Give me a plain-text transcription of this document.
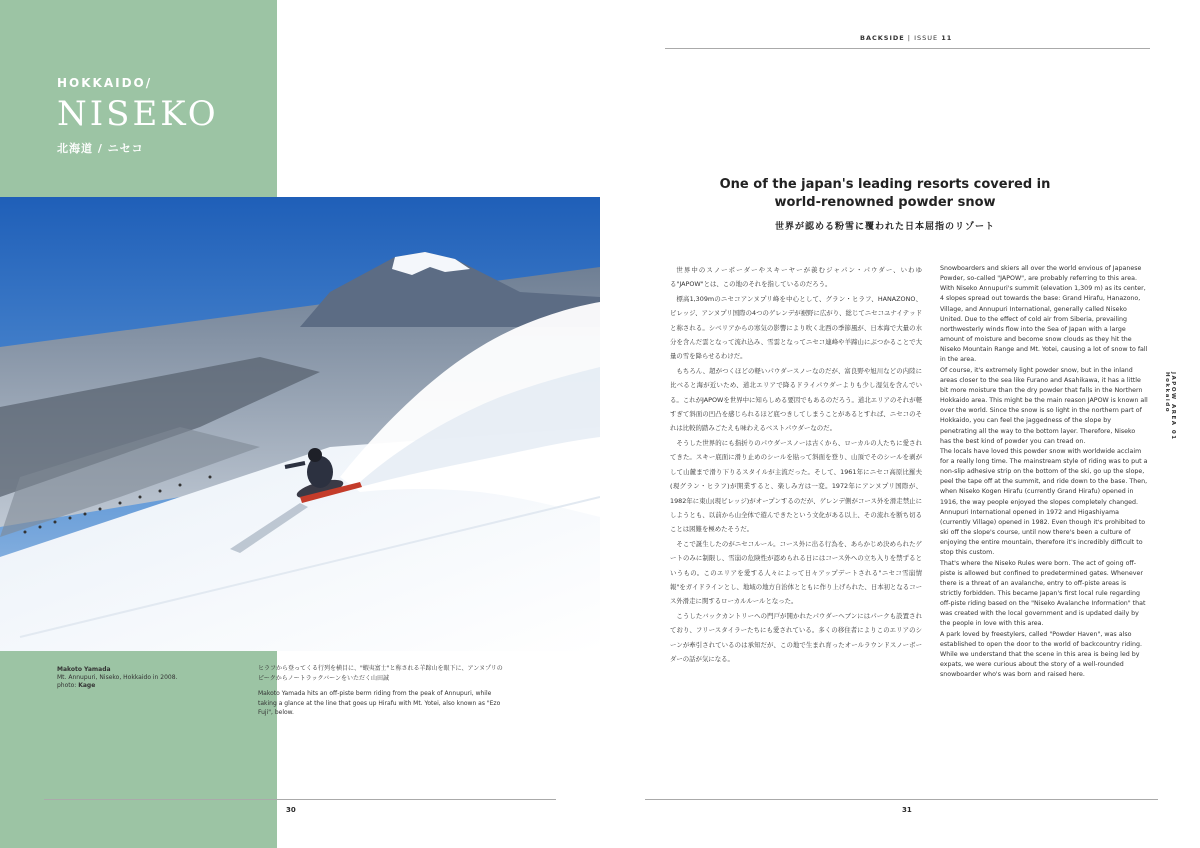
HOKKAIDO/
NISEKO
北海道 / ニセコ
Makoto Yamada
Mt. Annupuri, Niseko, Hokkaido in 2008.
photo: Kage

ヒラフから登ってくる行列を横目に、"蝦夷富士"と称される羊蹄山を眼下に、アンヌプリのピークからノートラックバーンをいただく山田誠

Makoto Yamada hits an off-piste berm riding from the peak of Annupuri, while taking a glance at the line that goes up Hirafu with Mt. Yotei, also known as "Ezo Fuji", below.

30
BACKSIDE | ISSUE 11
One of the japan's leading resorts covered in
world-renowned powder snow
世界が認める粉雪に覆われた日本屈指のリゾート

世界中のスノーボーダーやスキーヤーが羨むジャパン・パウダー、いわゆる"JAPOW"とは、この地のそれを指しているのだろう。

標高1,309mのニセコアンヌプリ峰を中心として、グラン・ヒラフ、HANAZONO、ビレッジ、アンヌプリ国際の4つのゲレンデが裾野に広がり、総じてニセコユナイテッドと称される。シベリアからの寒気の影響により吹く北西の季節風が、日本海で大量の水分を含んだ雲となって流れ込み、雪雲となってニセコ連峰や羊蹄山にぶつかることで大量の雪を降らせるわけだ。

もちろん、超がつくほどの軽いパウダースノーなのだが、富良野や旭川などの内陸に比べると海が近いため、道北エリアで降るドライパウダーよりも少し湿気を含んでいる。これがJAPOWを世界中に知らしめる要因でもあるのだろう。道北エリアのそれが軽すぎて斜面の凹凸を感じられるほど底つきしてしまうことがあるとすれば、ニセコのそれは比較的踏みごたえも味わえるベストパウダーなのだ。

そうした世界的にも指折りのパウダースノーは古くから、ローカルの人たちに愛されてきた。スキー底面に滑り止めのシールを貼って斜面を登り、山頂でそのシールを剥がして山麓まで滑り下りるスタイルが主流だった。そして、1961年にニセコ高原比羅夫(現グラン・ヒラフ)が開業すると、楽しみ方は一変。1972年にアンヌプリ国際が、1982年に東山(現ビレッジ)がオープンするのだが、ゲレンデ側がコース外を滑走禁止にしようとも、以前から山全体で遊んできたという文化がある以上、その流れを断ち切ることは困難を極めたそうだ。

そこで誕生したのがニセコルール。コース外に出る行為を、あらかじめ決められたゲートのみに制限し、雪崩の危険性が認められる日にはコース外への立ち入りを禁ずるというもの。このエリアを愛する人々によって日々アップデートされる"ニセコ雪崩情報"をガイドラインとし、地域の地方自治体とともに作り上げられた、日本初となるコース外滑走に関するローカルルールとなった。

こうしたバックカントリーへの門戸が開かれたパウダーヘブンにはパークも設置されており、フリースタイラーたちにも愛されている。多くの移住者によりこのエリアのシーンが牽引されているのは承知だが、この地で生まれ育ったオールラウンドスノーボーダーの話が気になる。

Snowboarders and skiers all over the world envious of Japanese Powder, so-called "JAPOW", are probably referring to this area.

With Niseko Annupuri's summit (elevation 1,309 m) as its center, 4 slopes spread out towards the base: Grand Hirafu, Hanazono, Village, and Annupuri International, generally called Niseko United. Due to the effect of cold air from Siberia, prevailing northwesterly winds flow into the Sea of Japan with a large amount of moisture and become snow clouds as they hit the Niseko Mountain Range and Mt. Yotei, causing a lot of snow to fall in the area.

Of course, it's extremely light powder snow, but in the inland areas closer to the sea like Furano and Asahikawa, it has a little bit more moisture than the dry powder that falls in the Northern Hokkaido area. This might be the main reason JAPOW is known all over the world. Since the snow is so light in the northern part of Hokkaido, you can feel the jaggedness of the slope by penetrating all the way to the bottom layer. Therefore, Niseko has the best kind of powder you can tread on.

The locals have loved this powder snow with worldwide acclaim for a really long time. The mainstream style of riding was to put a non-slip adhesive strip on the bottom of the ski, go up the slope, peel the tape off at the summit, and ride down to the base. Then, when Niseko Kogen Hirafu (currently Grand Hirafu) opened in 1916, the way people enjoyed the slopes completely changed. Annupuri International opened in 1972 and Higashiyama (currently Village) opened in 1982. Even though it's prohibited to ski off the slope's course, until now there's been a culture of enjoying the entire mountain, therefore it's incredibly difficult to stop this custom.

That's where the Niseko Rules were born. The act of going off-piste is allowed but confined to predetermined gates. Whenever there is a threat of an avalanche, entry to off-piste areas is strictly forbidden. This became Japan's first local rule regarding off-piste riding based on the "Niseko Avalanche Information" that was created with the local government and is updated daily by the people in love with this area.

A park loved by freestylers, called "Powder Haven", was also established to open the door to the world of backcountry riding. While we understand that the scene in this area is being led by expats, we were curious about the story of a well-rounded snowboarder who's was born and raised here.

JAPOW AREA 01 Hokkaido
31
